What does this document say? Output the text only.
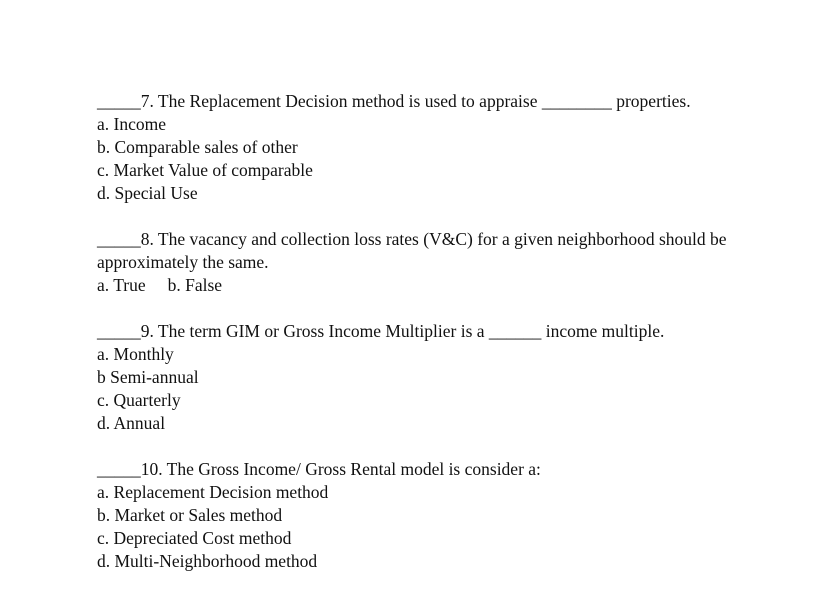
_____7. The Replacement Decision method is used to appraise ________ properties.

a. Income

b. Comparable sales of other

c. Market Value of comparable

d. Special Use

_____8. The vacancy and collection loss rates (V&C) for a given neighborhood should be approximately the same.

a. True b. False

_____9. The term GIM or Gross Income Multiplier is a ______ income multiple.

a. Monthly

b Semi-annual

c. Quarterly

d. Annual

_____10. The Gross Income/ Gross Rental model is consider a:

a. Replacement Decision method

b. Market or Sales method

c. Depreciated Cost method

d. Multi-Neighborhood method
